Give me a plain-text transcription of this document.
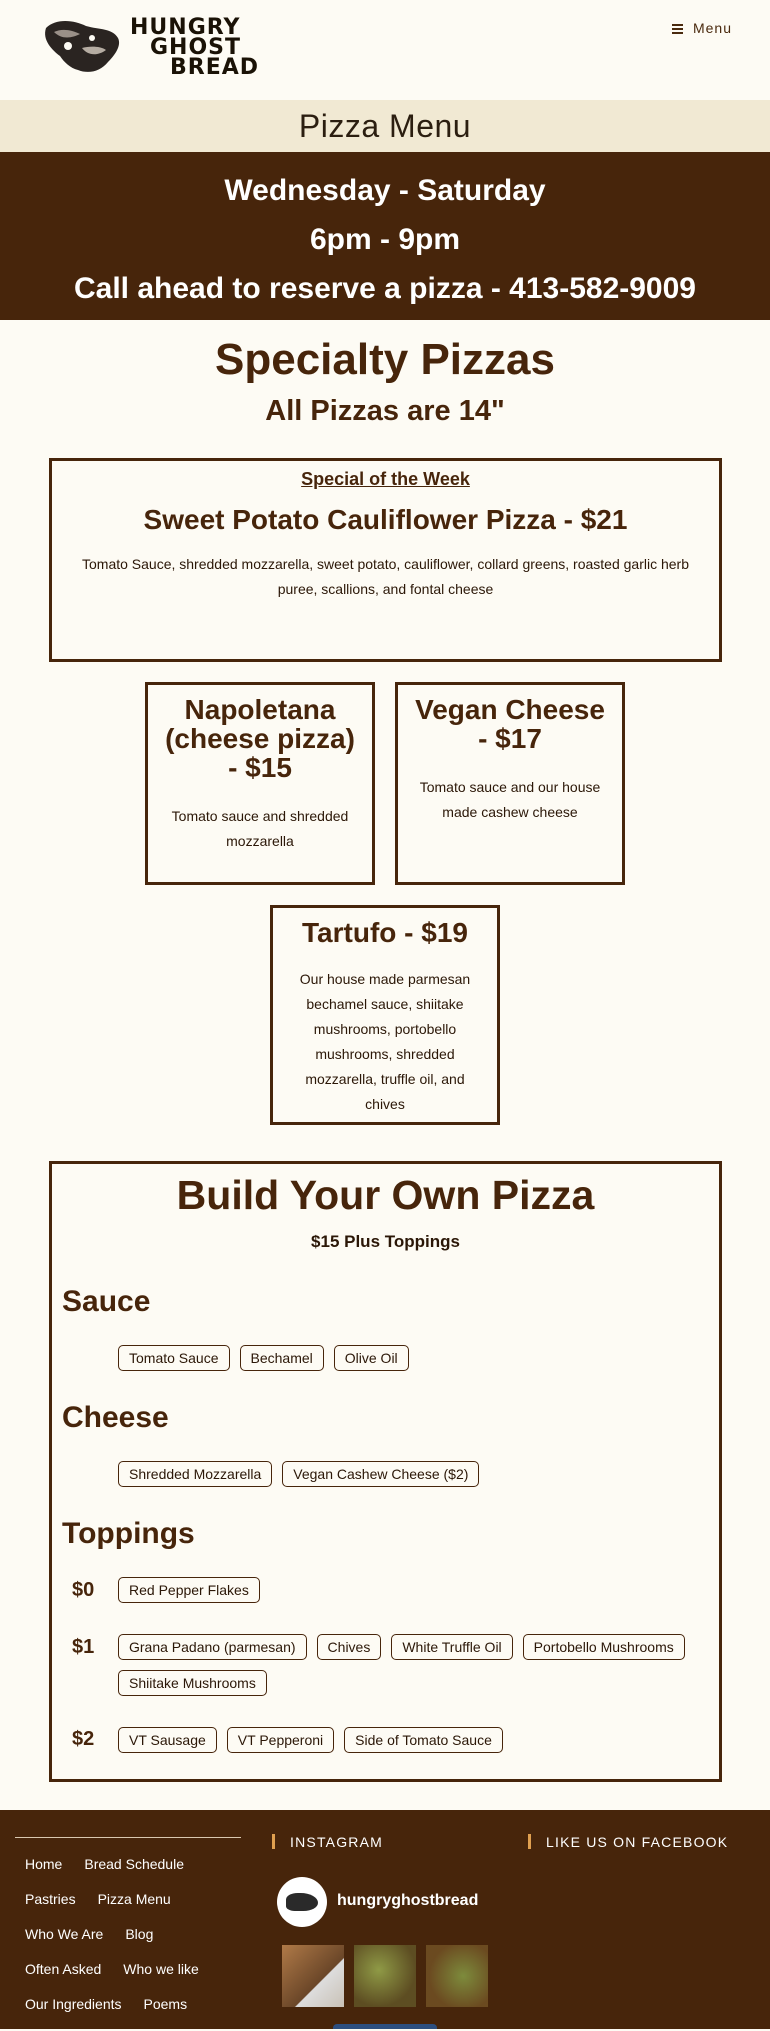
HUNGRY
GHOST
BREAD
Menu
Pizza Menu
Wednesday - Saturday
6pm - 9pm
Call ahead to reserve a pizza - 413-582-9009
Specialty Pizzas
All Pizzas are 14"
Special of the Week
Sweet Potato Cauliflower Pizza - $21
Tomato Sauce, shredded mozzarella, sweet potato, cauliflower, collard greens, roasted garlic herb puree, scallions, and fontal cheese
Napoletana (cheese pizza) - $15
Tomato sauce and shredded mozzarella
Vegan Cheese - $17
Tomato sauce and our house made cashew cheese
Tartufo - $19
Our house made parmesan bechamel sauce, shiitake mushrooms, portobello mushrooms, shredded mozzarella, truffle oil, and chives
Build Your Own Pizza
$15 Plus Toppings
Sauce
Tomato Sauce	Bechamel	Olive Oil
Cheese
Shredded Mozzarella	Vegan Cashew Cheese ($2)
Toppings
$0	Red Pepper Flakes
$1	Grana Padano (parmesan)	Chives	White Truffle Oil	Portobello Mushrooms
Shiitake Mushrooms
$2	VT Sausage	VT Pepperoni	Side of Tomato Sauce
Home Bread Schedule
Pastries Pizza Menu
Who We Are Blog
Often Asked Who we like
Our Ingredients Poems
INSTAGRAM
hungryghostbread
LIKE US ON FACEBOOK
